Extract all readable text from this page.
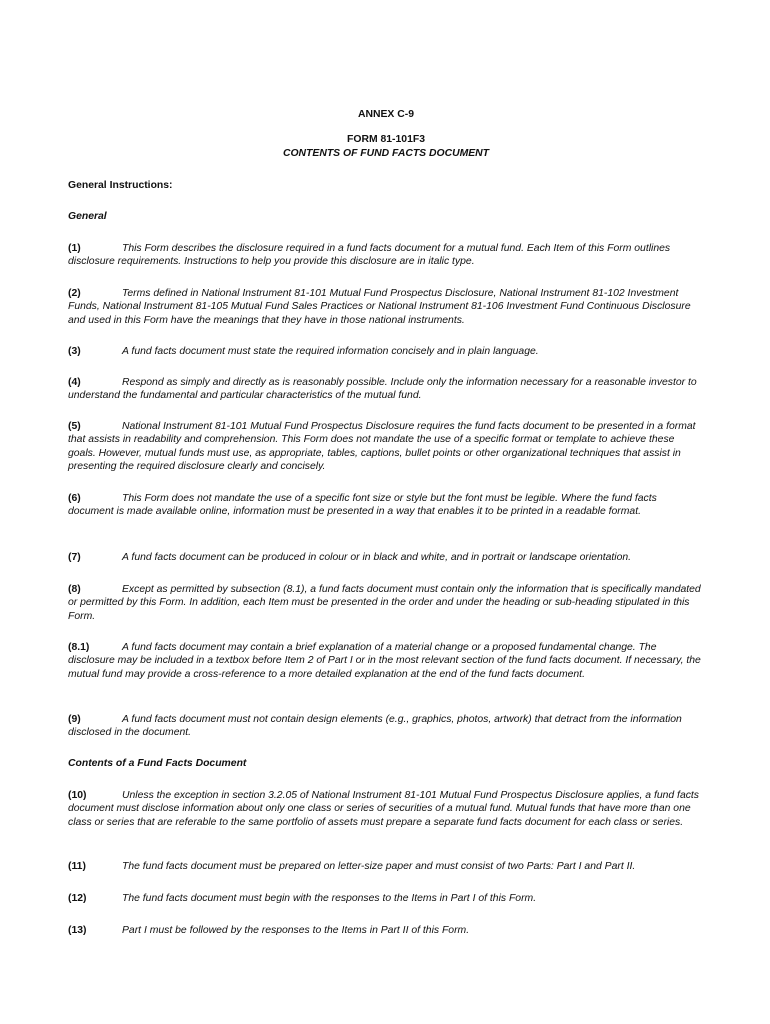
ANNEX C-9
FORM 81-101F3
CONTENTS OF FUND FACTS DOCUMENT
General Instructions:
General
(1)	This Form describes the disclosure required in a fund facts document for a mutual fund. Each Item of this Form outlines disclosure requirements. Instructions to help you provide this disclosure are in italic type.
(2)	Terms defined in National Instrument 81-101 Mutual Fund Prospectus Disclosure, National Instrument 81-102 Investment Funds, National Instrument 81-105 Mutual Fund Sales Practices or National Instrument 81-106 Investment Fund Continuous Disclosure and used in this Form have the meanings that they have in those national instruments.
(3)	A fund facts document must state the required information concisely and in plain language.
(4)	Respond as simply and directly as is reasonably possible. Include only the information necessary for a reasonable investor to understand the fundamental and particular characteristics of the mutual fund.
(5)	National Instrument 81-101 Mutual Fund Prospectus Disclosure requires the fund facts document to be presented in a format that assists in readability and comprehension. This Form does not mandate the use of a specific format or template to achieve these goals. However, mutual funds must use, as appropriate, tables, captions, bullet points or other organizational techniques that assist in presenting the required disclosure clearly and concisely.
(6)	This Form does not mandate the use of a specific font size or style but the font must be legible. Where the fund facts document is made available online, information must be presented in a way that enables it to be printed in a readable format.
(7)	A fund facts document can be produced in colour or in black and white, and in portrait or landscape orientation.
(8)	Except as permitted by subsection (8.1), a fund facts document must contain only the information that is specifically mandated or permitted by this Form. In addition, each Item must be presented in the order and under the heading or sub-heading stipulated in this Form.
(8.1)	A fund facts document may contain a brief explanation of a material change or a proposed fundamental change. The disclosure may be included in a textbox before Item 2 of Part I or in the most relevant section of the fund facts document. If necessary, the mutual fund may provide a cross-reference to a more detailed explanation at the end of the fund facts document.
(9)	A fund facts document must not contain design elements (e.g., graphics, photos, artwork) that detract from the information disclosed in the document.
Contents of a Fund Facts Document
(10)	Unless the exception in section 3.2.05 of National Instrument 81-101 Mutual Fund Prospectus Disclosure applies, a fund facts document must disclose information about only one class or series of securities of a mutual fund. Mutual funds that have more than one class or series that are referable to the same portfolio of assets must prepare a separate fund facts document for each class or series.
(11)	The fund facts document must be prepared on letter-size paper and must consist of two Parts: Part I and Part II.
(12)	The fund facts document must begin with the responses to the Items in Part I of this Form.
(13)	Part I must be followed by the responses to the Items in Part II of this Form.
